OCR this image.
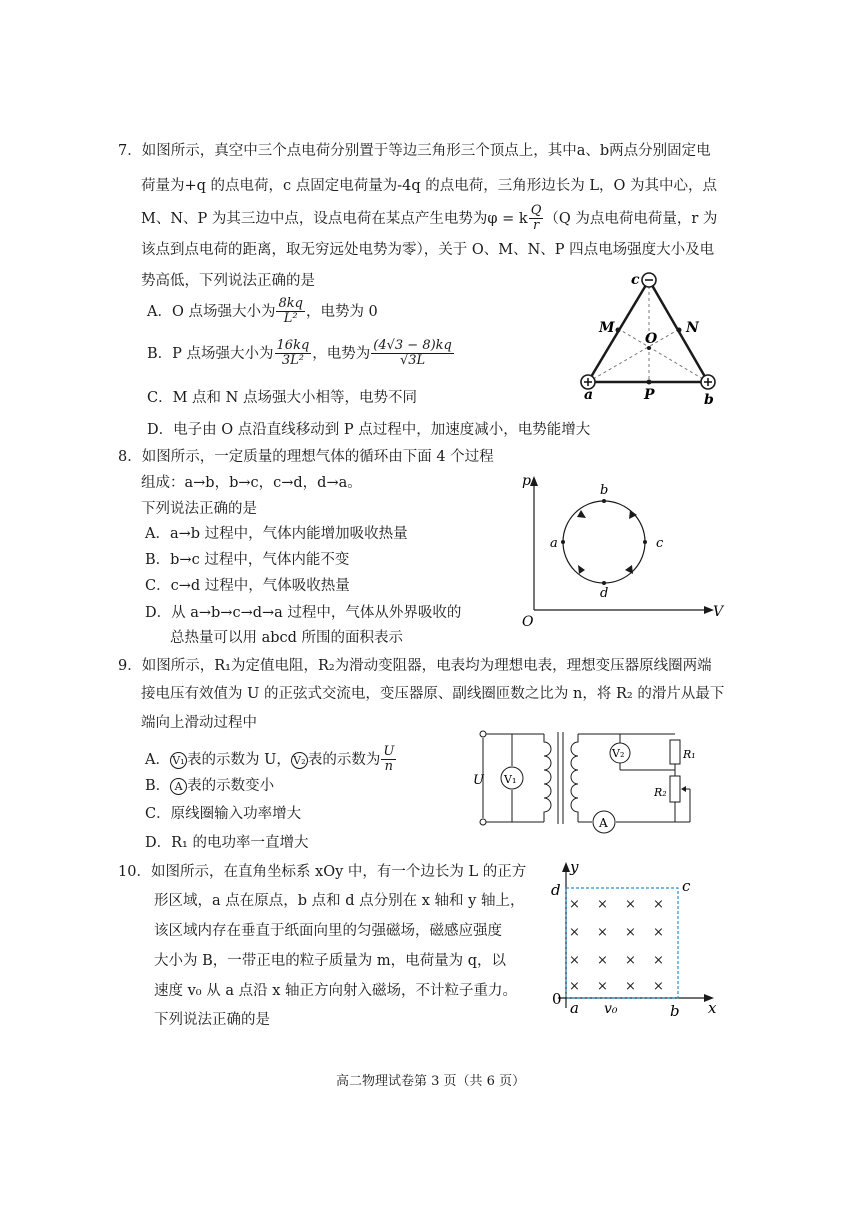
7．如图所示，真空中三个点电荷分别置于等边三角形三个顶点上，其中a、b两点分别固定电
荷量为+q 的点电荷，c 点固定电荷量为-4q 的点电荷，三角形边长为 L，O 为其中心，点
M、N、P 为其三边中点，设点电荷在某点产生电势为φ = k $\frac{Q}{r} (Q$ 为点电荷电荷量，r 为
该点到点电荷的距离，取无穷远处电势为零），关于 O、M、N、P 四点电场强度大小及电
势高低，下列说法正确的是
A．O 点场强大小为 $\frac{8kq}{\text{L²}}$ ，电势为 0
B．P 点场强大小为 $\frac{16kq}{\text{3L²}}$ ，电势为 $\frac{(4√3 - 8)kq}{√3L}$
C．M 点和 N 点场强大小相等，电势不同
D．电子由 O 点沿直线移动到 P 点过程中，加速度减小，电势能增大
c
M
O
N
a	P	b
8．如图所示，一定质量的理想气体的循环由下面 4 个过程
组成：a→b，b→c，c→d，d→a。
下列说法正确的是
A．a→b 过程中，气体内能增加吸收热量
B．b→c 过程中，气体内能不变
C．c→d 过程中，气体吸收热量
D．从 a→b→c→d→a 过程中，气体从外界吸收的
总热量可以用 abcd 所围的面积表示
p
V
O
b
c
d
a
9．如图所示，R₁为定值电阻，R₂为滑动变阻器，电表均为理想电表，理想变压器原线圈两端
接电压有效值为 U 的正弦式交流电，变压器原、副线圈匝数之比为 n，将 R₂ 的滑片从最下
端向上滑动过程中
A． V₁ 表的示数为 U， V₂ 表的示数为 $\frac{U}{n}$
B． A 表的示数变小
C．原线圈输入功率增大
D．R₁ 的电功率一直增大
U V₁
V₂	R₁
R₂
A
10．如图所示，在直角坐标系 xOy 中，有一个边长为 L 的正方
形区域，a 点在原点，b 点和 d 点分别在 x 轴和 y 轴上，
该区域内存在垂直于纸面向里的匀强磁场，磁感应强度
大小为 B，一带正电的粒子质量为 m，电荷量为 q，以
速度 v₀ 从 a 点沿 x 轴正方向射入磁场，不计粒子重力。
下列说法正确的是
× × × ×
× × × ×
× × × ×
× × × ×
y
x
d	c
0 a v₀	b
高二物理试卷第 3 页（共 6 页）
